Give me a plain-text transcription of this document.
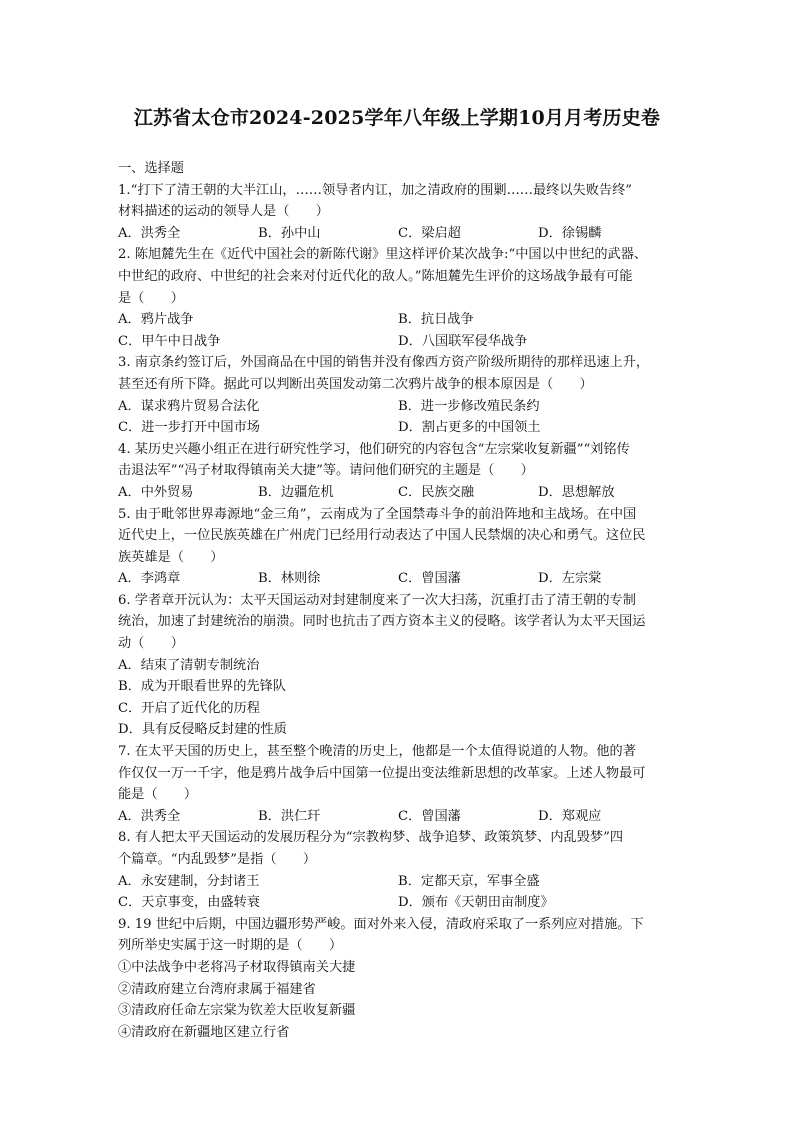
江苏省太仓市2024-2025学年八年级上学期10月月考历史卷
一、选择题
1.“打下了清王朝的大半江山，……领导者内讧，加之清政府的围剿……最终以失败告终”
材料描述的运动的领导人是（　　）
A．洪秀全	B．孙中山	C．梁启超	D．徐锡麟
2. 陈旭麓先生在《近代中国社会的新陈代谢》里这样评价某次战争:“中国以中世纪的武器、
中世纪的政府、中世纪的社会来对付近代化的敌人。”陈旭麓先生评价的这场战争最有可能
是（　　）
A．鸦片战争	B．抗日战争
C．甲午中日战争	D．八国联军侵华战争
3. 南京条约签订后，外国商品在中国的销售并没有像西方资产阶级所期待的那样迅速上升，
甚至还有所下降。据此可以判断出英国发动第二次鸦片战争的根本原因是（　　）
A．谋求鸦片贸易合法化	B．进一步修改殖民条约
C．进一步打开中国市场	D．割占更多的中国领土
4. 某历史兴趣小组正在进行研究性学习，他们研究的内容包含“左宗棠收复新疆”“刘铭传
击退法军”“冯子材取得镇南关大捷”等。请问他们研究的主题是（　　）
A．中外贸易	B．边疆危机	C．民族交融	D．思想解放
5. 由于毗邻世界毒源地“金三角”，云南成为了全国禁毒斗争的前沿阵地和主战场。在中国
近代史上，一位民族英雄在广州虎门已经用行动表达了中国人民禁烟的决心和勇气。这位民
族英雄是（　　）
A．李鸿章	B．林则徐	C．曾国藩	D．左宗棠
6. 学者章开沅认为：太平天国运动对封建制度来了一次大扫荡，沉重打击了清王朝的专制
统治，加速了封建统治的崩溃。同时也抗击了西方资本主义的侵略。该学者认为太平天国运
动（　　）
A．结束了清朝专制统治
B．成为开眼看世界的先锋队
C．开启了近代化的历程
D．具有反侵略反封建的性质
7. 在太平天国的历史上，甚至整个晚清的历史上，他都是一个太值得说道的人物。他的著
作仅仅一万一千字，他是鸦片战争后中国第一位提出变法维新思想的改革家。上述人物最可
能是（　　）
A．洪秀全	B．洪仁玕	C．曾国藩	D．郑观应
8. 有人把太平天国运动的发展历程分为“宗教构梦、战争追梦、政策筑梦、内乱毁梦”四
个篇章。“内乱毁梦”是指（　　）
A．永安建制，分封诸王	B．定都天京，军事全盛
C．天京事变，由盛转衰	D．颁布《天朝田亩制度》
9. 19 世纪中后期，中国边疆形势严峻。面对外来入侵，清政府采取了一系列应对措施。下
列所举史实属于这一时期的是（　　）
①中法战争中老将冯子材取得镇南关大捷
②清政府建立台湾府隶属于福建省
③清政府任命左宗棠为钦差大臣收复新疆
④清政府在新疆地区建立行省
